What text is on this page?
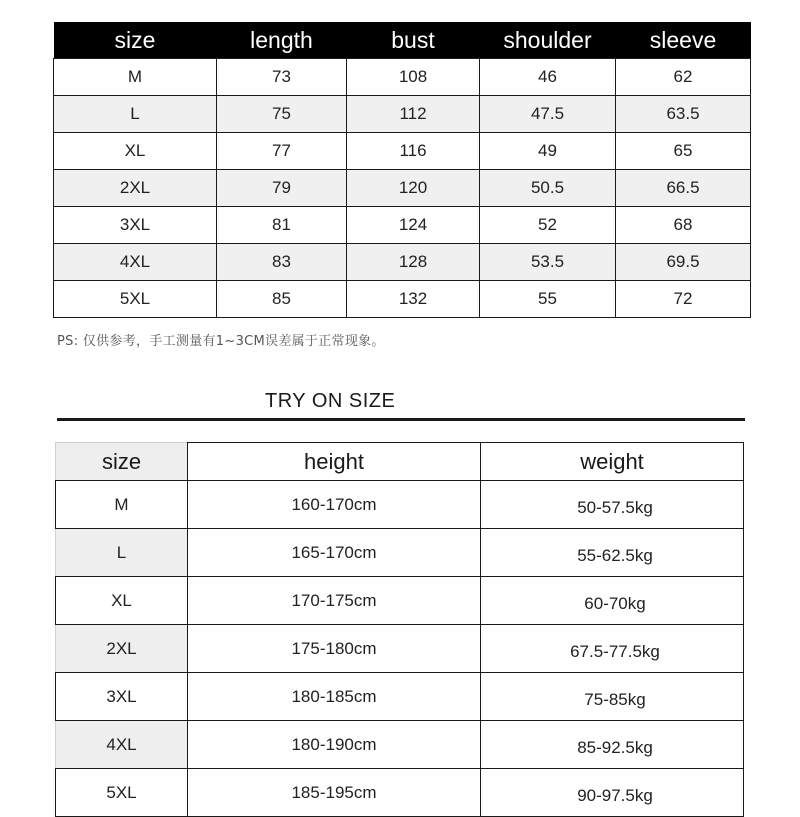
size	length	bust	shoulder	sleeve
M	73	108	46	62
L	75	112	47.5	63.5
XL	77	116	49	65
2XL	79	120	50.5	66.5
3XL	81	124	52	68
4XL	83	128	53.5	69.5
5XL	85	132	55	72
PS: 仅供参考，手工测量有1~3CM误差属于正常现象。
TRY ON SIZE
size	height	weight
M	160-170cm	50-57.5kg
L	165-170cm	55-62.5kg
XL	170-175cm	60-70kg
2XL	175-180cm	67.5-77.5kg
3XL	180-185cm	75-85kg
4XL	180-190cm	85-92.5kg
5XL	185-195cm	90-97.5kg
